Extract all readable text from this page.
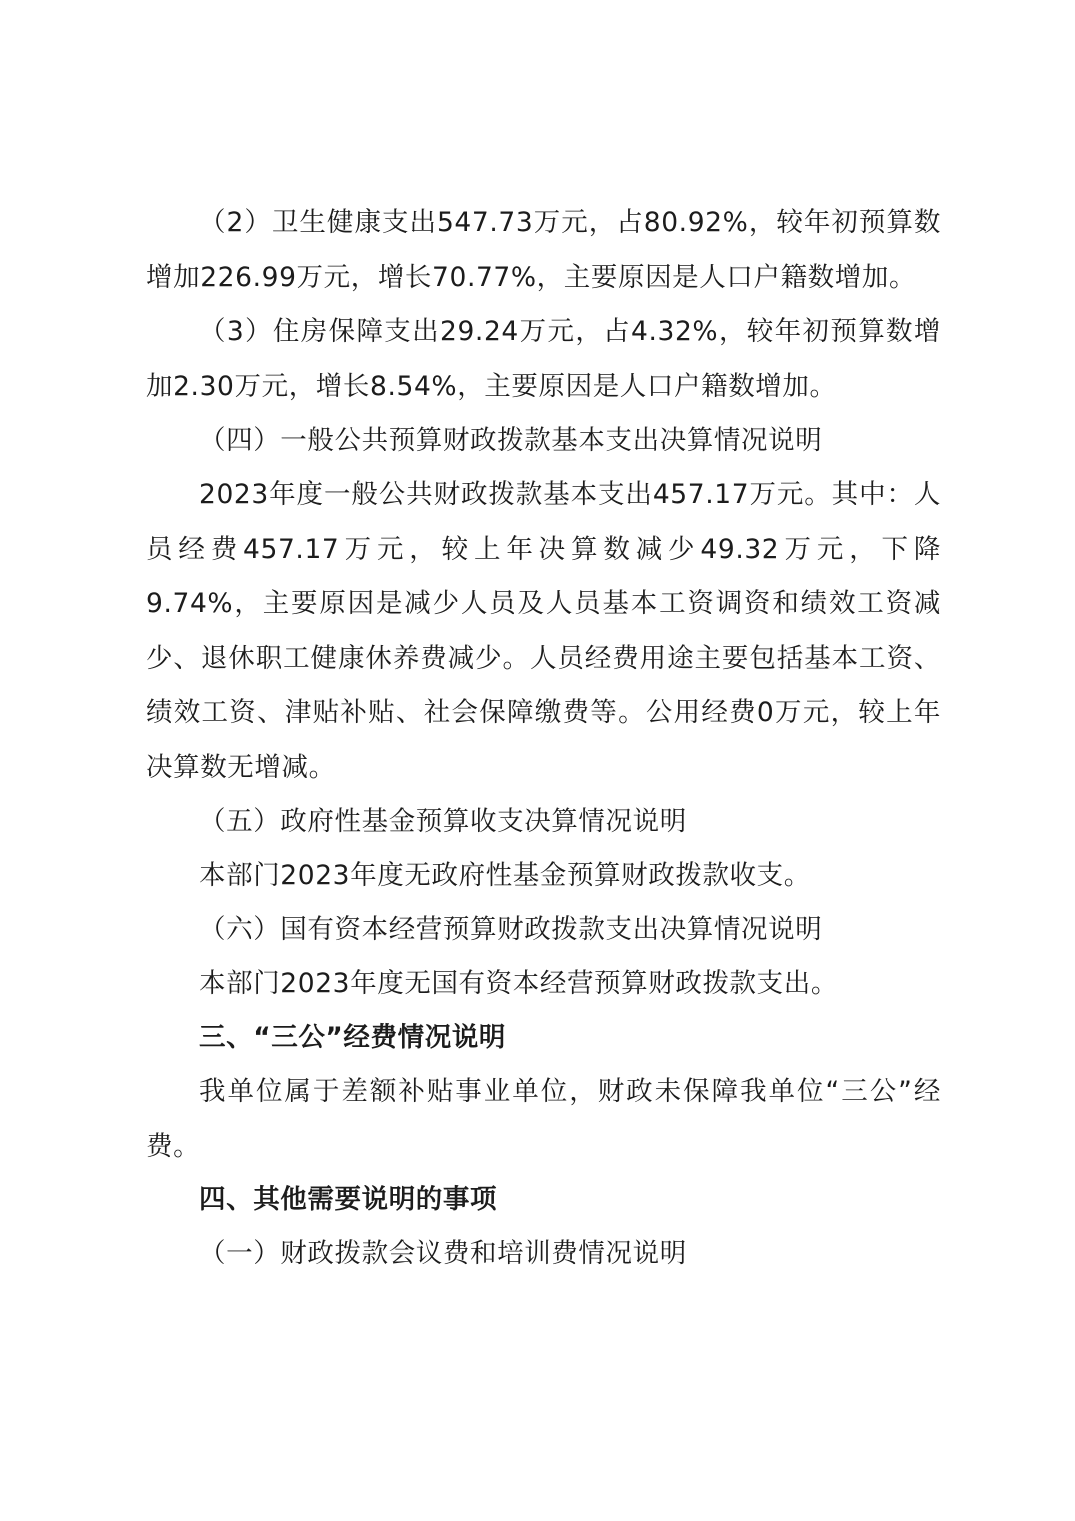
（2）卫生健康支出547.73万元，占80.92%，较年初预算数增加226.99万元，增长70.77%，主要原因是人口户籍数增加。

（3）住房保障支出29.24万元，占4.32%，较年初预算数增加2.30万元，增长8.54%，主要原因是人口户籍数增加。

（四）一般公共预算财政拨款基本支出决算情况说明

2023年度一般公共财政拨款基本支出457.17万元。其中：人员经费457.17万元，较上年决算数减少49.32万元，下降9.74%，主要原因是减少人员及人员基本工资调资和绩效工资减少、退休职工健康休养费减少。人员经费用途主要包括基本工资、绩效工资、津贴补贴、社会保障缴费等。公用经费0万元，较上年决算数无增减。

（五）政府性基金预算收支决算情况说明

本部门2023年度无政府性基金预算财政拨款收支。

（六）国有资本经营预算财政拨款支出决算情况说明

本部门2023年度无国有资本经营预算财政拨款支出。

三、“三公”经费情况说明

我单位属于差额补贴事业单位，财政未保障我单位“三公”经费。

四、其他需要说明的事项

（一）财政拨款会议费和培训费情况说明
